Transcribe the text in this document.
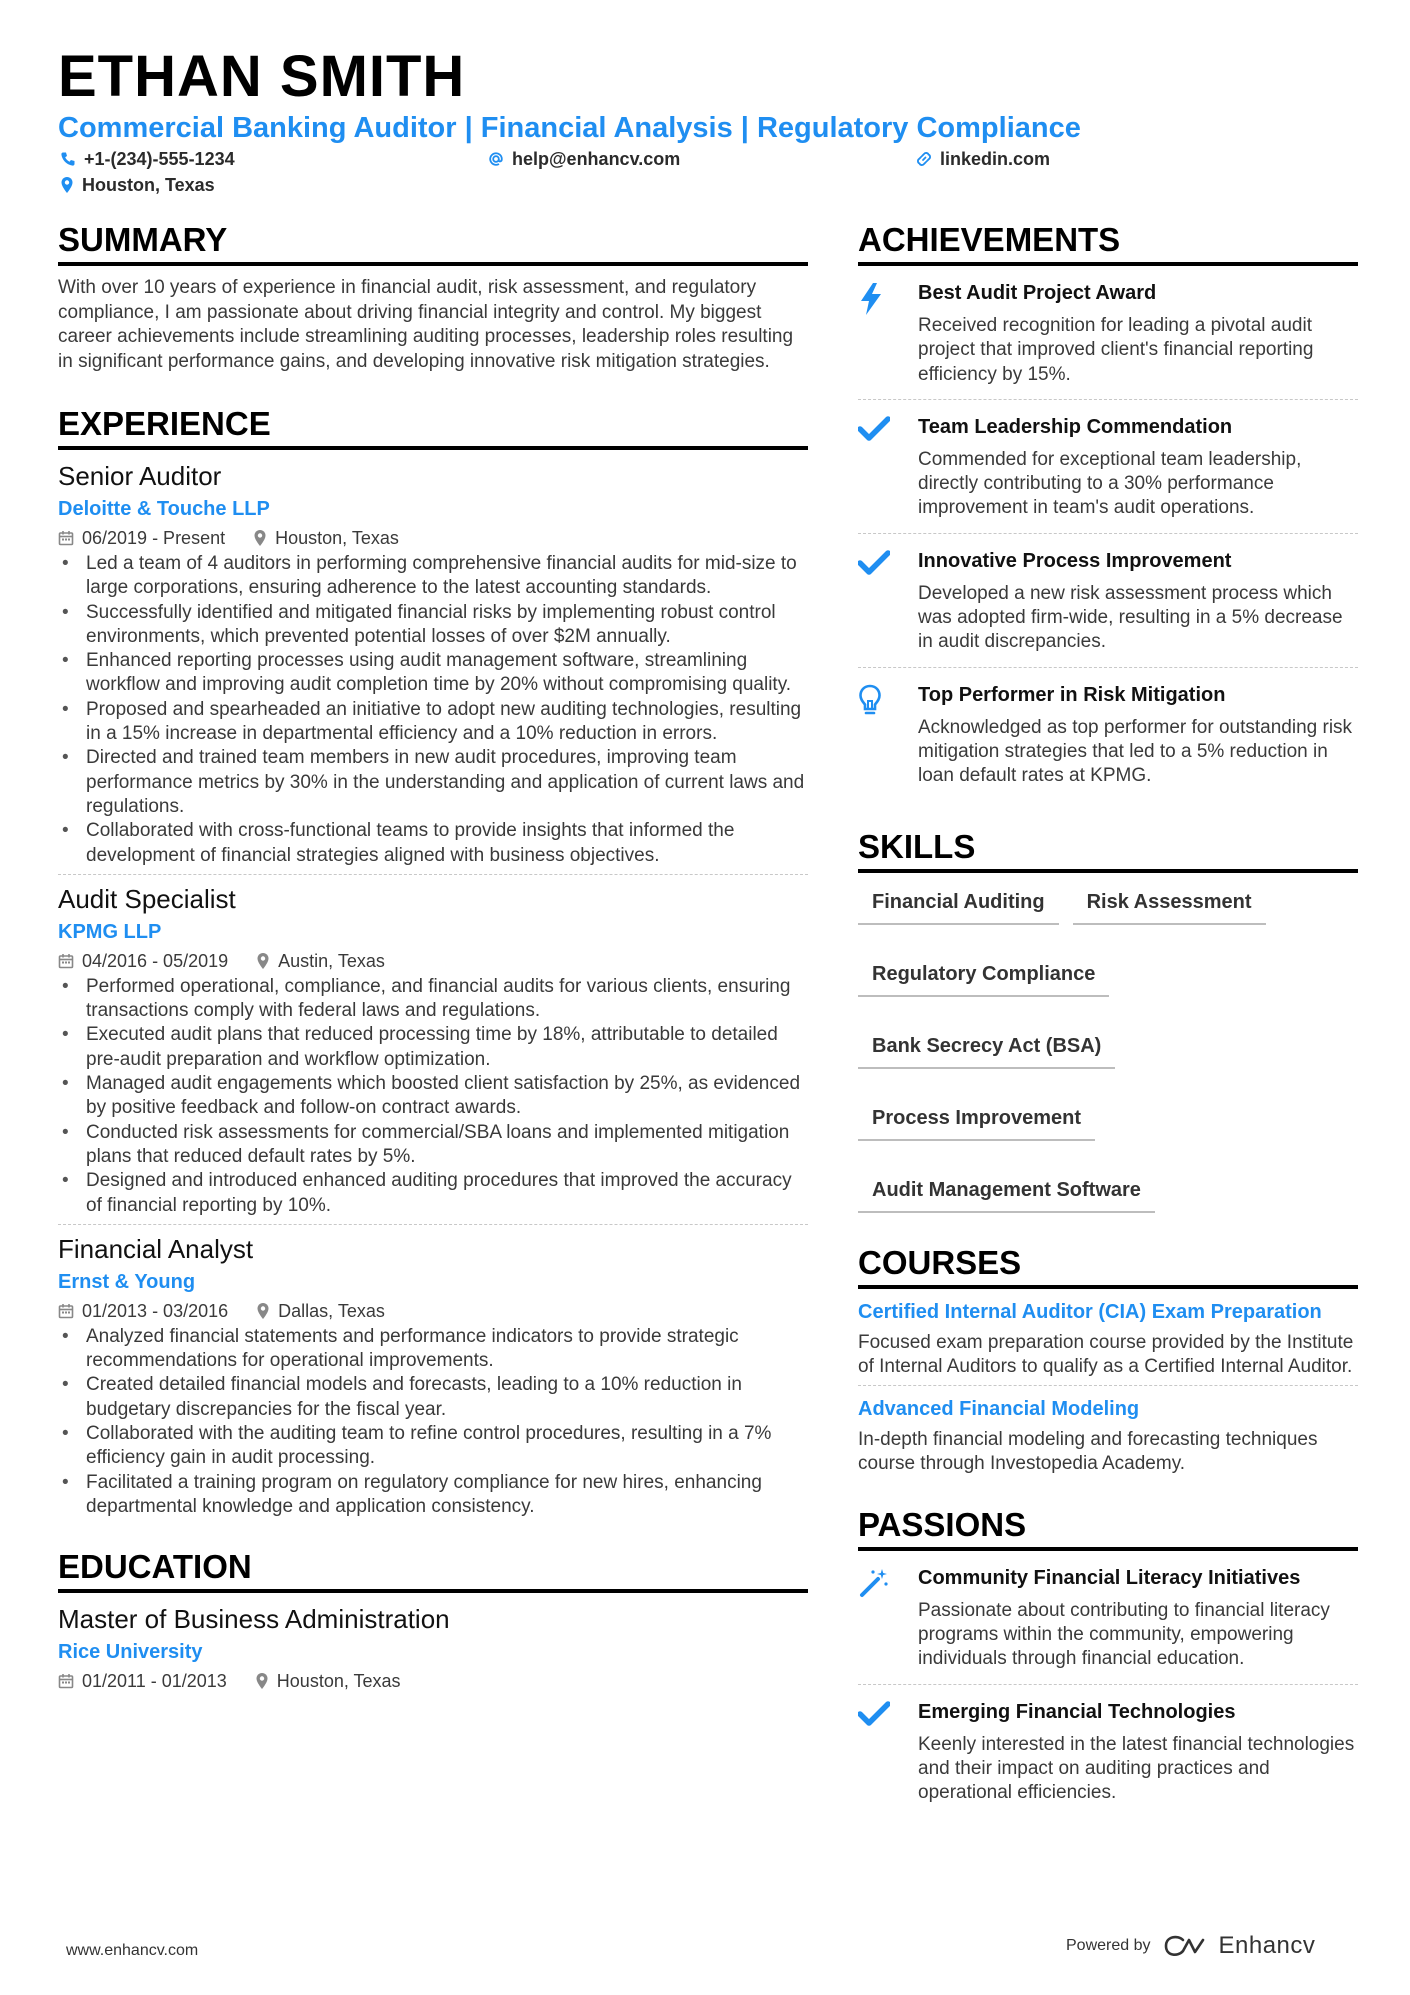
ETHAN SMITH
Commercial Banking Auditor | Financial Analysis | Regulatory Compliance
+1-(234)-555-1234	help@enhancv.com	linkedin.com
Houston, Texas
SUMMARY
With over 10 years of experience in financial audit, risk assessment, and regulatory compliance, I am passionate about driving financial integrity and control. My biggest career achievements include streamlining auditing processes, leadership roles resulting in significant performance gains, and developing innovative risk mitigation strategies.
EXPERIENCE
Senior Auditor
Deloitte & Touche LLP
06/2019 - Present	Houston, Texas
• Led a team of 4 auditors in performing comprehensive financial audits for mid-size to large corporations, ensuring adherence to the latest accounting standards.
• Successfully identified and mitigated financial risks by implementing robust control environments, which prevented potential losses of over $2M annually.
• Enhanced reporting processes using audit management software, streamlining workflow and improving audit completion time by 20% without compromising quality.
• Proposed and spearheaded an initiative to adopt new auditing technologies, resulting in a 15% increase in departmental efficiency and a 10% reduction in errors.
• Directed and trained team members in new audit procedures, improving team performance metrics by 30% in the understanding and application of current laws and regulations.
• Collaborated with cross-functional teams to provide insights that informed the development of financial strategies aligned with business objectives.
Audit Specialist
KPMG LLP
04/2016 - 05/2019	Austin, Texas
• Performed operational, compliance, and financial audits for various clients, ensuring transactions comply with federal laws and regulations.
• Executed audit plans that reduced processing time by 18%, attributable to detailed pre-audit preparation and workflow optimization.
• Managed audit engagements which boosted client satisfaction by 25%, as evidenced by positive feedback and follow-on contract awards.
• Conducted risk assessments for commercial/SBA loans and implemented mitigation plans that reduced default rates by 5%.
• Designed and introduced enhanced auditing procedures that improved the accuracy of financial reporting by 10%.
Financial Analyst
Ernst & Young
01/2013 - 03/2016	Dallas, Texas
• Analyzed financial statements and performance indicators to provide strategic recommendations for operational improvements.
• Created detailed financial models and forecasts, leading to a 10% reduction in budgetary discrepancies for the fiscal year.
• Collaborated with the auditing team to refine control procedures, resulting in a 7% efficiency gain in audit processing.
• Facilitated a training program on regulatory compliance for new hires, enhancing departmental knowledge and application consistency.
EDUCATION
Master of Business Administration
Rice University
01/2011 - 01/2013	Houston, Texas
ACHIEVEMENTS
Best Audit Project Award
Received recognition for leading a pivotal audit project that improved client's financial reporting efficiency by 15%.
Team Leadership Commendation
Commended for exceptional team leadership, directly contributing to a 30% performance improvement in team's audit operations.
Innovative Process Improvement
Developed a new risk assessment process which was adopted firm-wide, resulting in a 5% decrease in audit discrepancies.
Top Performer in Risk Mitigation
Acknowledged as top performer for outstanding risk mitigation strategies that led to a 5% reduction in loan default rates at KPMG.
SKILLS
Financial Auditing	Risk Assessment
Regulatory Compliance
Bank Secrecy Act (BSA)
Process Improvement
Audit Management Software
COURSES
Certified Internal Auditor (CIA) Exam Preparation
Focused exam preparation course provided by the Institute of Internal Auditors to qualify as a Certified Internal Auditor.
Advanced Financial Modeling
In-depth financial modeling and forecasting techniques course through Investopedia Academy.
PASSIONS
Community Financial Literacy Initiatives
Passionate about contributing to financial literacy programs within the community, empowering individuals through financial education.
Emerging Financial Technologies
Keenly interested in the latest financial technologies and their impact on auditing practices and operational efficiencies.
www.enhancv.com	Powered by	Enhancv
